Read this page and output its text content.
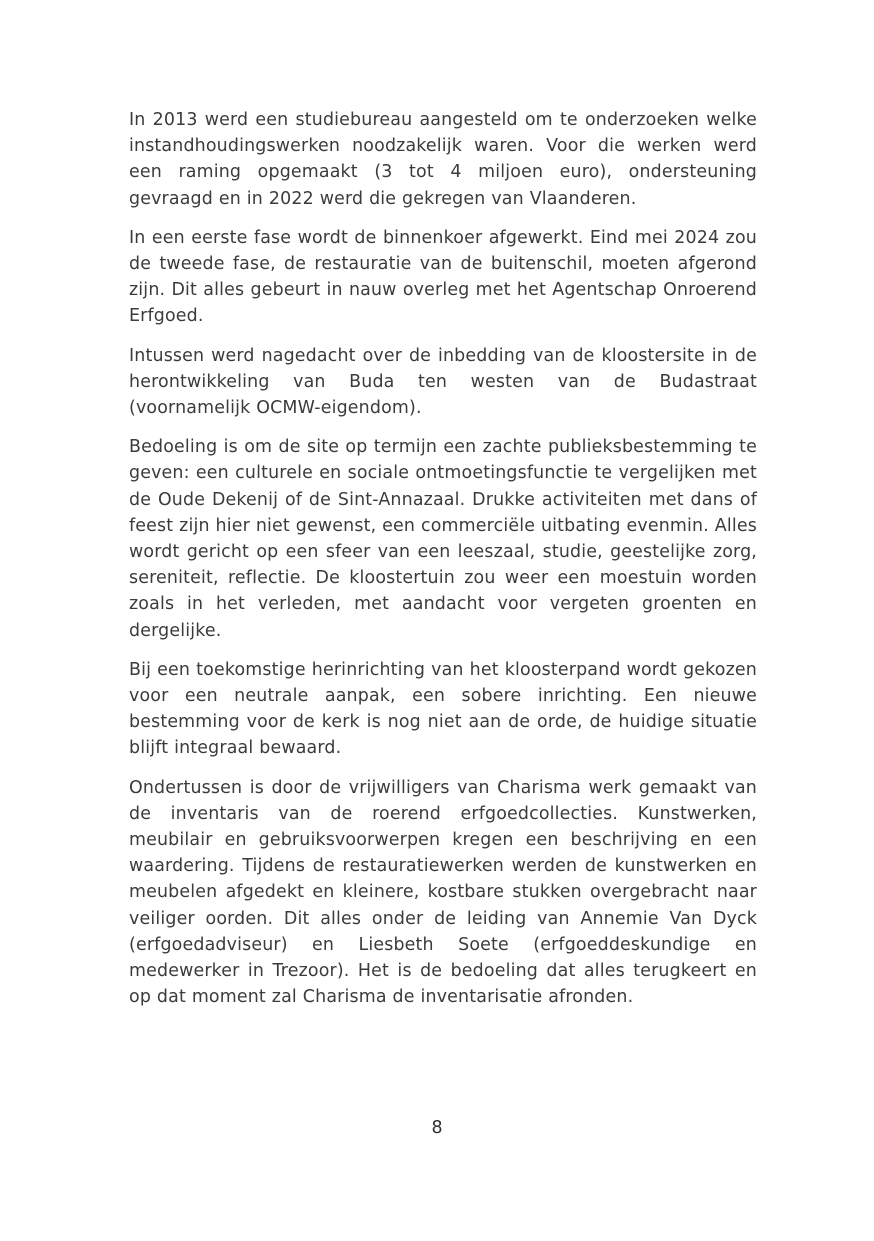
In 2013 werd een studiebureau aangesteld om te onderzoeken welke instandhoudingswerken noodzakelijk waren. Voor die werken werd een raming opgemaakt (3 tot 4 miljoen euro), ondersteuning gevraagd en in 2022 werd die gekregen van Vlaanderen.

In een eerste fase wordt de binnenkoer afgewerkt. Eind mei 2024 zou de tweede fase, de restauratie van de buitenschil, moeten afgerond zijn. Dit alles gebeurt in nauw overleg met het Agentschap Onroerend Erfgoed.

Intussen werd nagedacht over de inbedding van de kloostersite in de herontwikkeling van Buda ten westen van de Budastraat (voornamelijk OCMW-eigendom).

Bedoeling is om de site op termijn een zachte publieksbestemming te geven: een culturele en sociale ontmoetingsfunctie te vergelijken met de Oude Dekenij of de Sint-Annazaal. Drukke activiteiten met dans of feest zijn hier niet gewenst, een commerciële uitbating evenmin. Alles wordt gericht op een sfeer van een leeszaal, studie, geestelijke zorg, sereniteit, reflectie. De kloostertuin zou weer een moestuin worden zoals in het verleden, met aandacht voor vergeten groenten en dergelijke.

Bij een toekomstige herinrichting van het kloosterpand wordt gekozen voor een neutrale aanpak, een sobere inrichting. Een nieuwe bestemming voor de kerk is nog niet aan de orde, de huidige situatie blijft integraal bewaard.

Ondertussen is door de vrijwilligers van Charisma werk gemaakt van de inventaris van de roerend erfgoedcollecties. Kunstwerken, meubilair en gebruiksvoorwerpen kregen een beschrijving en een waardering. Tijdens de restauratiewerken werden de kunstwerken en meubelen afgedekt en kleinere, kostbare stukken overgebracht naar veiliger oorden. Dit alles onder de leiding van Annemie Van Dyck (erfgoedadviseur) en Liesbeth Soete (erfgoeddeskundige en medewerker in Trezoor). Het is de bedoeling dat alles terugkeert en op dat moment zal Charisma de inventarisatie afronden.

8
